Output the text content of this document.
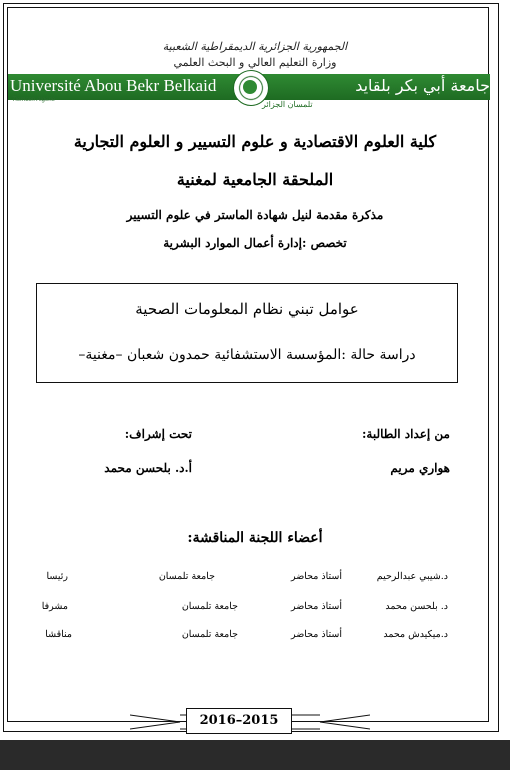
الجمهورية الجزائرية الديمقراطية الشعبية
وزارة التعليم العالي و البحث العلمي
Université Abou Bekr Belkaid
Tlemcen Algérie
جامعة أبي بكر بلقايد
تلمسان الجزائر
كلية العلوم الاقتصادية و علوم التسيير و العلوم التجارية
الملحقة الجامعية لمغنية
مذكرة مقدمة لنيل شهادة الماستر في علوم التسيير
تخصص :إدارة أعمال الموارد البشرية
عوامل تبني نظام المعلومات الصحية
دراسة حالة :المؤسسة الاستشفائية حمدون شعبان –مغنية–
من إعداد الطالبة:
تحت إشراف:
هواري مريم
أ.د. بلحسن محمد
أعضاء اللجنة المناقشة:
د.شيبي عبدالرحيم
أستاذ محاضر
جامعة تلمسان
رئيسا
د. بلحسن محمد
أستاذ محاضر
جامعة تلمسان
مشرفا
د.ميكيدش محمد
أستاذ محاضر
جامعة تلمسان
مناقشا
2016–2015
